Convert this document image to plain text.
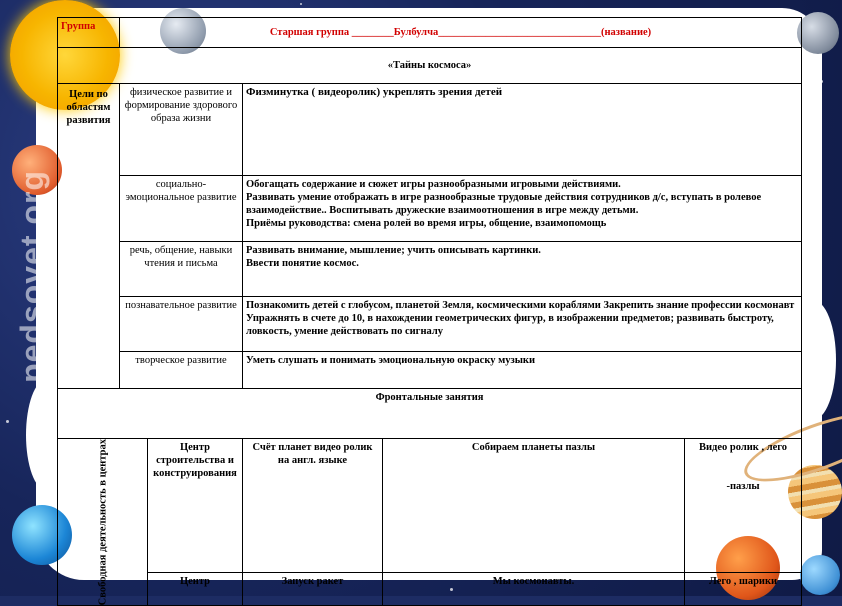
pedsovet.org
Группа	Старшая группа ________Булбулча_______________________________(название)				
«Тайны космоса»					
Цели по областям развития	физическое развитие и формирование здорового образа жизни		Физминутка ( видеоролик) укреплять зрения детей		
	социально-эмоциональное развитие		Обогащать содержание и сюжет игры разнообразными игровыми действиями.
Развивать умение отображать в игре разнообразные трудовые действия сотрудников д/с, вступать в ролевое взаимодействие.. Воспитывать дружеские взаимоотношения в игре между детьми.
Приёмы руководства: смена ролей во время игры, общение, взаимопомощь		
	речь, общение, навыки чтения и письма		Развивать внимание, мышление; учить описывать картинки.
Ввести понятие космос.		
	познавательное развитие		Познакомить детей с глобусом, планетой Земля, космическими кораблями Закрепить знание профессии космонавт
Упражнять в счете до 10, в нахождении геометрических фигур, в изображении предметов; развивать быстроту, ловкость, умение действовать по сигналу		
	творческое развитие		Уметь слушать и понимать эмоциональную окраску музыки		
Фронтальные занятия					
Свободная деятельность в центрах		Центр строительства и конструирования	Счёт планет видео ролик на англ. языке	Собираем планеты пазлы	Видео ролик , лего

-пазлы
		Центр	Запуск ракет	Мы космонавты.	Лего , шарики
